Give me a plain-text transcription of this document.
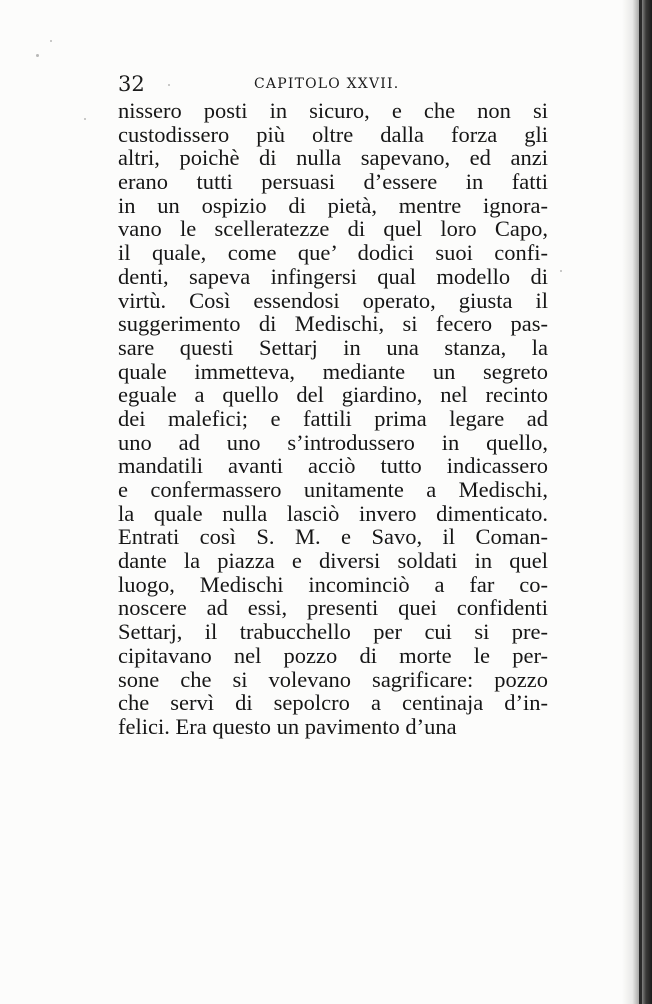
32	CAPITOLO XXVII.
nissero posti in sicuro, e che non si
custodissero più oltre dalla forza gli
altri, poichè di nulla sapevano, ed anzi
erano tutti persuasi d’essere in fatti
in un ospizio di pietà, mentre ignora-
vano le scelleratezze di quel loro Capo,
il quale, come que’ dodici suoi confi-
denti, sapeva infingersi qual modello di
virtù. Così essendosi operato, giusta il
suggerimento di Medischi, si fecero pas-
sare questi Settarj in una stanza, la
quale immetteva, mediante un segreto
eguale a quello del giardino, nel recinto
dei malefici; e fattili prima legare ad
uno ad uno s’introdussero in quello,
mandatili avanti acciò tutto indicassero
e confermassero unitamente a Medischi,
la quale nulla lasciò invero dimenticato.
Entrati così S. M. e Savo, il Coman-
dante la piazza e diversi soldati in quel
luogo, Medischi incominciò a far co-
noscere ad essi, presenti quei confidenti
Settarj, il trabucchello per cui si pre-
cipitavano nel pozzo di morte le per-
sone che si volevano sagrificare: pozzo
che servì di sepolcro a centinaja d’in-
felici. Era questo un pavimento d’una
